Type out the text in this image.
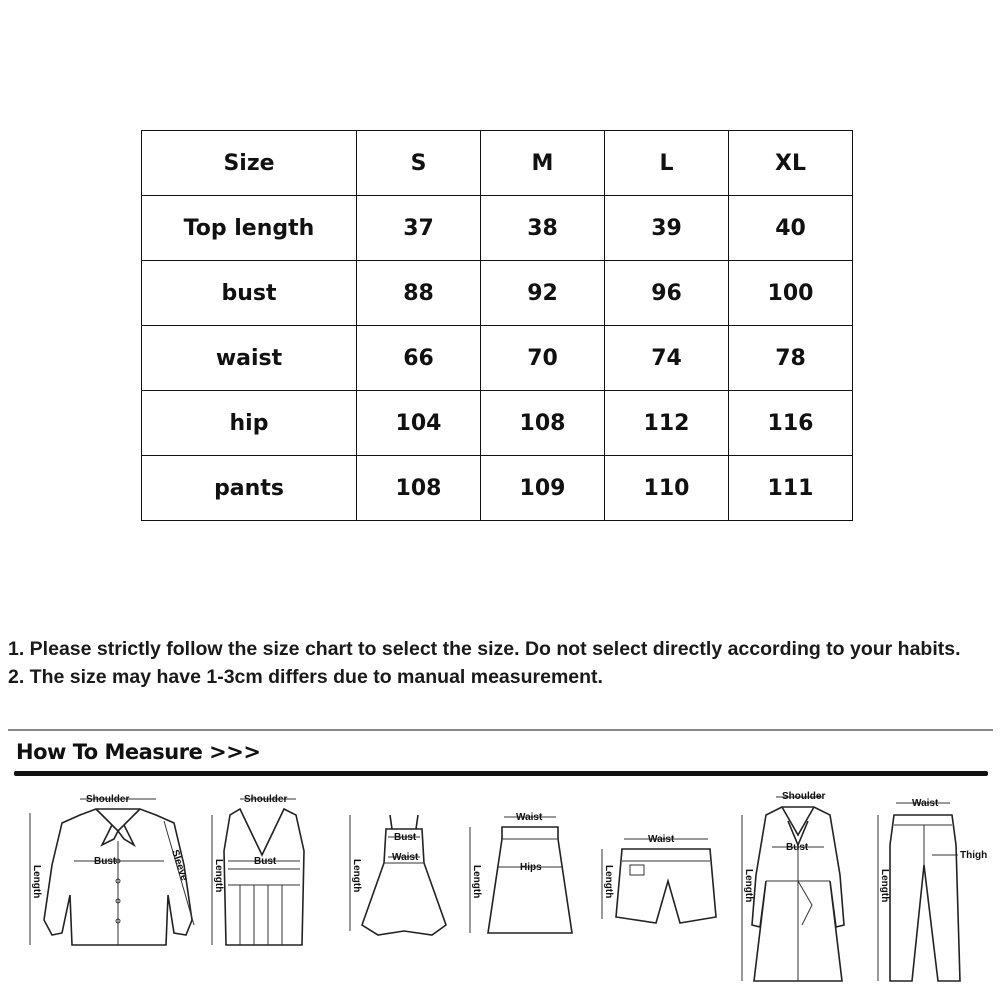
Size	S	M	L	XL
Top length	37	38	39	40
bust	88	92	96	100
waist	66	70	74	78
hip	104	108	112	116
pants	108	109	110	111

1. Please strictly follow the size chart to select the size. Do not select directly according to your habits.

2. The size may have 1-3cm differs due to manual measurement.

How To Measure >>>
Shoulder
Bust
Length	Sleeve
Shoulder
Bust
Length
Bust
Waist
Length
Waist
Hips
Length
Waist
Length
Shoulder
Bust
Length
Waist
Thigh
Length
